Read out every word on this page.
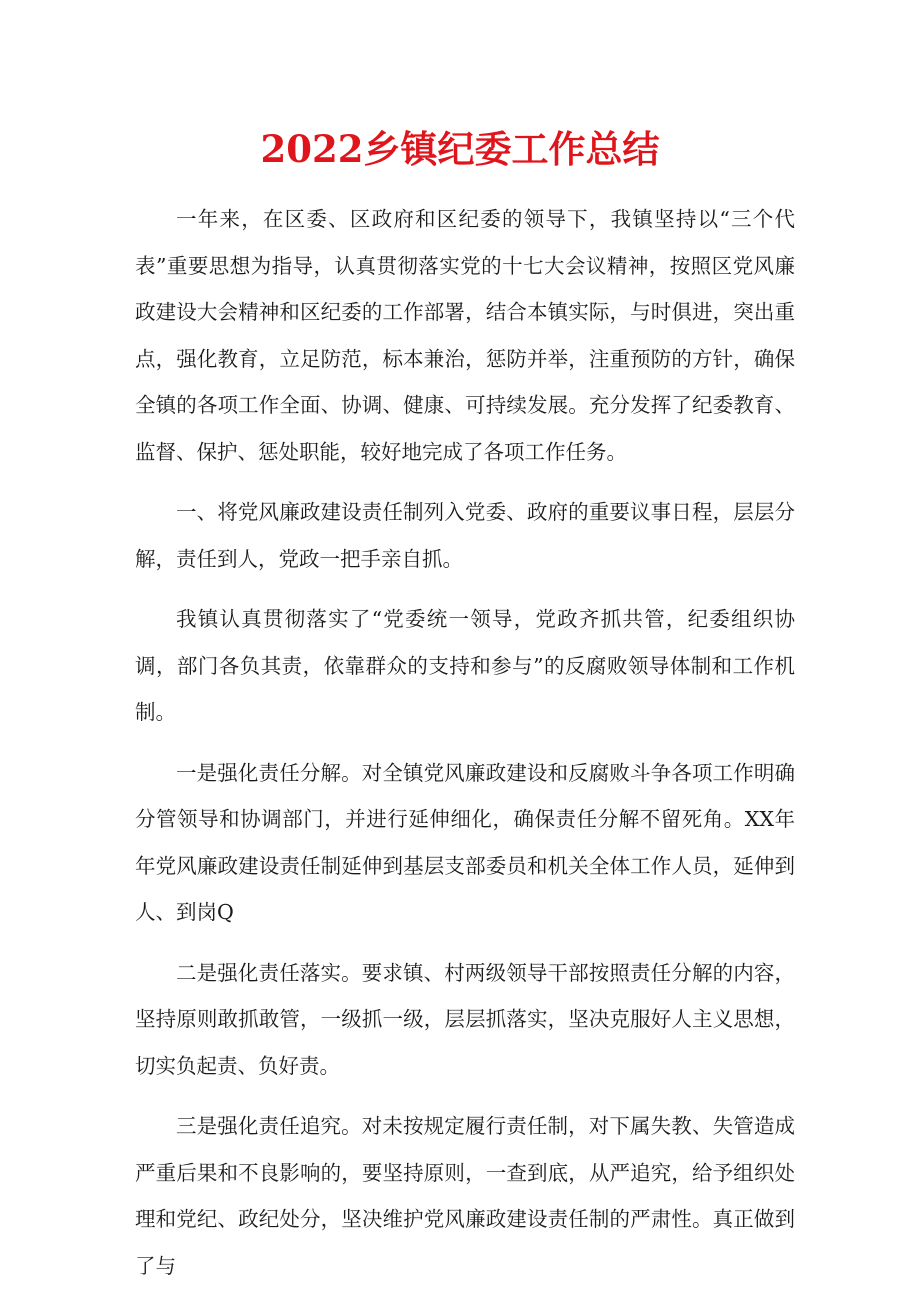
2022乡镇纪委工作总结

一年来，在区委、区政府和区纪委的领导下，我镇坚持以“三个代表”重要思想为指导，认真贯彻落实党的十七大会议精神，按照区党风廉政建设大会精神和区纪委的工作部署，结合本镇实际，与时俱进，突出重点，强化教育，立足防范，标本兼治，惩防并举，注重预防的方针，确保全镇的各项工作全面、协调、健康、可持续发展。充分发挥了纪委教育、监督、保护、惩处职能，较好地完成了各项工作任务。

一、将党风廉政建设责任制列入党委、政府的重要议事日程，层层分解，责任到人，党政一把手亲自抓。

我镇认真贯彻落实了“党委统一领导，党政齐抓共管，纪委组织协调，部门各负其责，依靠群众的支持和参与”的反腐败领导体制和工作机制。

一是强化责任分解。对全镇党风廉政建设和反腐败斗争各项工作明确分管领导和协调部门，并进行延伸细化，确保责任分解不留死角。XX年年党风廉政建设责任制延伸到基层支部委员和机关全体工作人员，延伸到人、到岗Q

二是强化责任落实。要求镇、村两级领导干部按照责任分解的内容，坚持原则敢抓敢管，一级抓一级，层层抓落实，坚决克服好人主义思想，切实负起责、负好责。

三是强化责任追究。对未按规定履行责任制，对下属失教、失管造成严重后果和不良影响的，要坚持原则，一查到底，从严追究，给予组织处理和党纪、政纪处分，坚决维护党风廉政建设责任制的严肃性。真正做到了与
